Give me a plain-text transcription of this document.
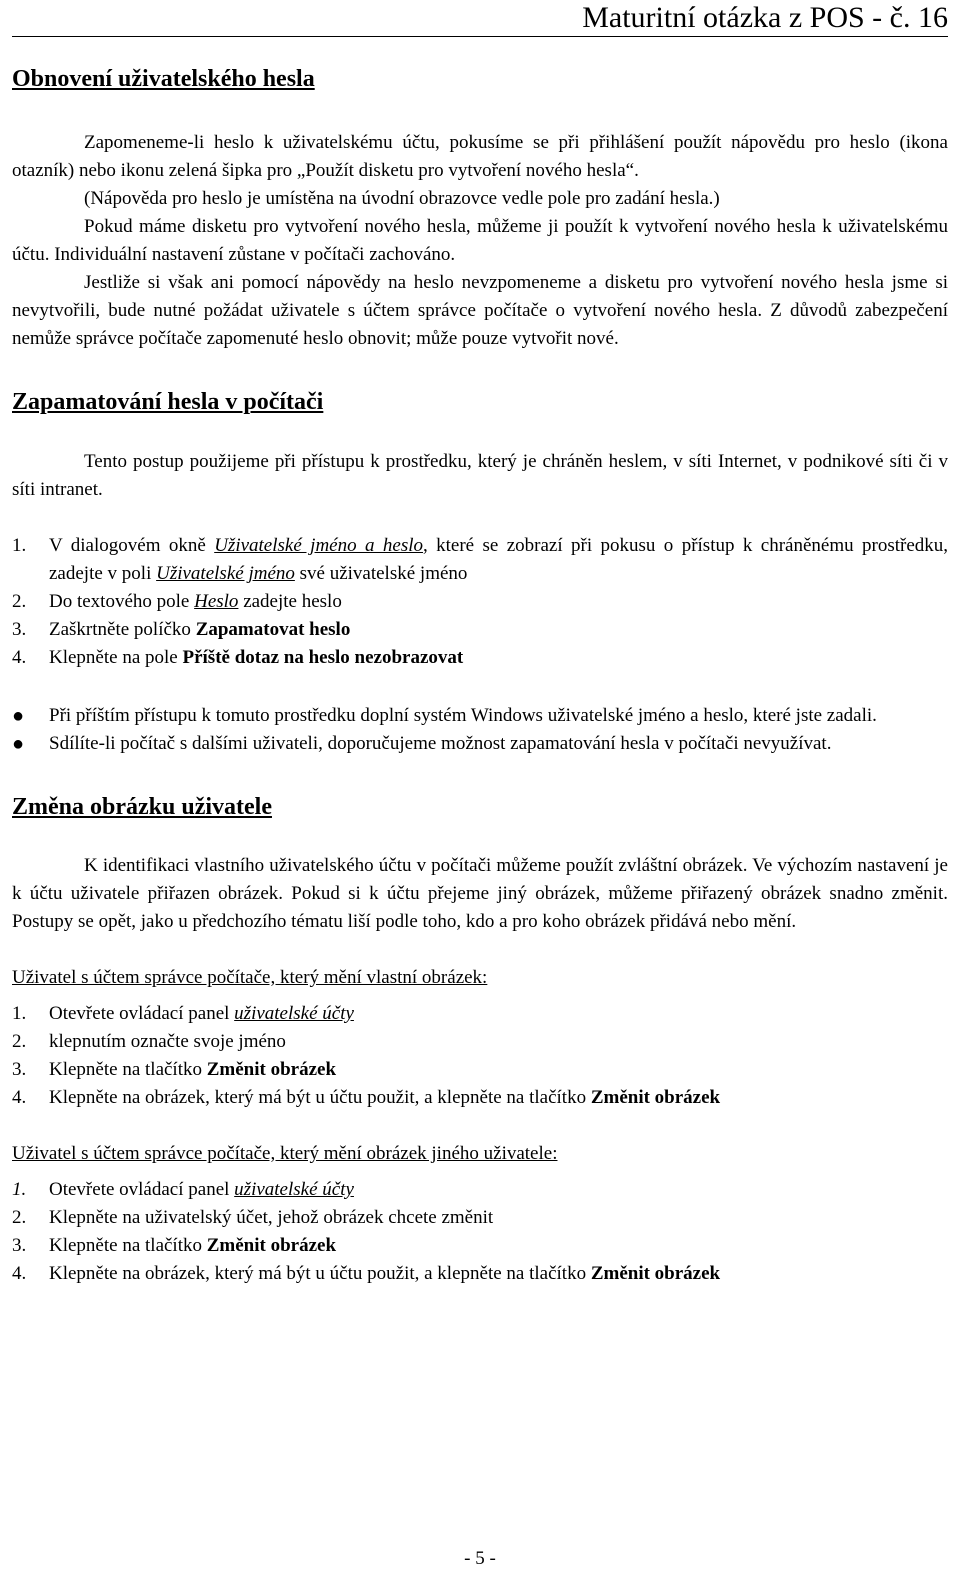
Maturitní otázka z POS - č. 16
Obnovení uživatelského hesla

Zapomeneme-li heslo k uživatelskému účtu, pokusíme se při přihlášení použít nápovědu pro heslo (ikona otazník) nebo ikonu zelená šipka pro „Použít disketu pro vytvoření nového hesla“.

(Nápověda pro heslo je umístěna na úvodní obrazovce vedle pole pro zadání hesla.)

Pokud máme disketu pro vytvoření nového hesla, můžeme ji použít k vytvoření nového hesla k uživatelskému účtu. Individuální nastavení zůstane v počítači zachováno.

Jestliže si však ani pomocí nápovědy na heslo nevzpomeneme a disketu pro vytvoření nového hesla jsme si nevytvořili, bude nutné požádat uživatele s účtem správce počítače o vytvoření nového hesla. Z důvodů zabezpečení nemůže správce počítače zapomenuté heslo obnovit; může pouze vytvořit nové.

Zapamatování hesla v počítači

Tento postup použijeme při přístupu k prostředku, který je chráněn heslem, v síti Internet, v podnikové síti či v síti intranet.

1.	V dialogovém okně Uživatelské jméno a heslo, které se zobrazí při pokusu o přístup k chráněnému prostředku, zadejte v poli Uživatelské jméno své uživatelské jméno
2.	Do textového pole Heslo zadejte heslo
3.	Zaškrtněte políčko Zapamatovat heslo
4.	Klepněte na pole Příště dotaz na heslo nezobrazovat
●	Při příštím přístupu k tomuto prostředku doplní systém Windows uživatelské jméno a heslo, které jste zadali.
●	Sdílíte-li počítač s dalšími uživateli, doporučujeme možnost zapamatování hesla v počítači nevyužívat.
Změna obrázku uživatele

K identifikaci vlastního uživatelského účtu v počítači můžeme použít zvláštní obrázek. Ve výchozím nastavení je k účtu uživatele přiřazen obrázek. Pokud si k účtu přejeme jiný obrázek, můžeme přiřazený obrázek snadno změnit. Postupy se opět, jako u předchozího tématu liší podle toho, kdo a pro koho obrázek přidává nebo mění.

Uživatel s účtem správce počítače, který mění vlastní obrázek:

1.	Otevřete ovládací panel uživatelské účty
2.	klepnutím označte svoje jméno
3.	Klepněte na tlačítko Změnit obrázek
4.	Klepněte na obrázek, který má být u účtu použit, a klepněte na tlačítko Změnit obrázek

Uživatel s účtem správce počítače, který mění obrázek jiného uživatele:

1.	Otevřete ovládací panel uživatelské účty
2.	Klepněte na uživatelský účet, jehož obrázek chcete změnit
3.	Klepněte na tlačítko Změnit obrázek
4.	Klepněte na obrázek, který má být u účtu použit, a klepněte na tlačítko Změnit obrázek
- 5 -
